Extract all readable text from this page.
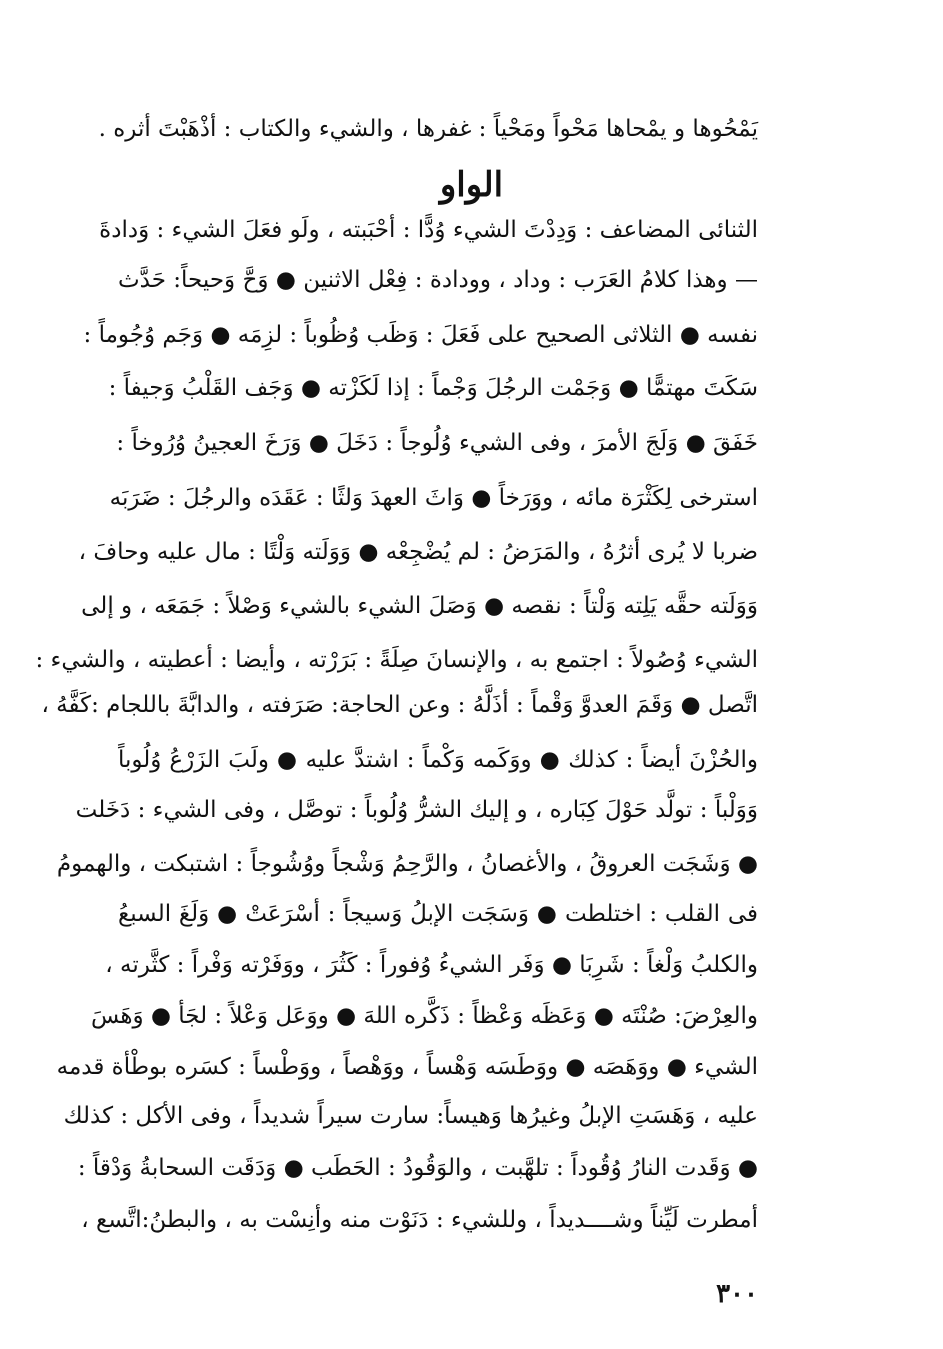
يَمْحُوها و يمْحاها مَحْواً ومَحْياً : غفرها ، والشيء والكتاب : أذْهَبْتَ أثره .
الواو
الثنائى المضاعف : وَدِدْتَ الشيء وُدًّا : أحْبَبته ، ولَو فعَلَ الشيء : وَدادةَ
— وهذا كلامُ العَرَب : وداد ، وودادة : فِعْل الاثنين ● وَحَّ وَحيحاً: حَدَّث
نفسه ● الثلاثى الصحيح على فَعَلَ : وَظَب وُظُوباً : لزِمَه ● وَجَم وُجُوماً :
سَكَتَ مهتمًّا ● وَجَمْت الرجُلَ وَجْماً : إذا لَكَزْته ● وَجَف القَلْبُ وَجيفاً :
خَفَقَ ● وَلَجَ الأمرَ ، وفى الشيء وُلُوجاً : دَخَلَ ● وَرَخَ العجينُ وُرُوخاً :
استرخى لِكَثْرَة مائه ، ووَرَخاً ● وَاثَ العهدَ وَلثًا : عَقَدَه والرجُلَ : ضَرَبَه
ضربا لا يُرى أثرُهُ ، والمَرَضُ : لم يُضْجِعْه ● وَوَلَته وَلْتًا : مال عليه وحافَ ،
وَوَلَته حقَّه يَلِته وَلْتاً : نقصه ● وَصَلَ الشيء بالشيء وَصْلاً : جَمَعَه ، و إلى
الشيء وُصُولاً : اجتمع به ، والإنسانَ صِلَةً : بَرَرْته ، وأيضا : أعطيته ، والشيء :
اتَّصل ● وَقَمَ العدوَّ وَقْماً : أذَلَّهُ : وعن الحاجة: صَرَفته ، والدابَّةَ باللجام :كَفَّهُ ،
والحُزْنَ أيضاً : كذلك ● ووَكَمه وَكْماً : اشتدَّ عليه ● ولَبَ الزَرْعُ وُلُوباً
وَوَلْباً : تولَّد حَوْلَ كِبَاره ، و إليك الشرُّ وُلُوباً : توصَّل ، وفى الشيء : دَخَلت
● وَشَجَت العروقُ ، والأغصانُ ، والرَّحِمُ وَشْجاً ووُشُوجاً : اشتبكت ، والهمومُ
فى القلب : اختلطت ● وَسَجَت الإبلُ وَسيجاً : أسْرَعَتْ ● وَلَغَ السبعُ
والكلبُ وَلْغاً : شَرِبَا ● وَفَر الشيءُ وُفوراً : كَثُرَ ، ووَفَرْته وَفْراً : كثَّرته ،
والعِرْضَ: صُنْتَه ● وَعَظَه وَعْظاً : ذَكَّره اللهَ ● ووَعَل وَعْلاً : لجَأ ● وَهَسَ
الشيء ● ووَهَصَه ● ووَطَسَه وَهْساً ، ووَهْصاً ، ووَطْساً : كسَره بوطْأة قدمه
عليه ، وَهَسَتِ الإبلُ وغيرُها وَهيساً: سارت سيراً شديداً ، وفى الأكل : كذلك
● وَقَدت النارُ وُقُوداً : تلهَّبت ، والوَقُودُ : الحَطَب ● وَدَقَت السحابةُ وَدْقاً :
أمطرت لَيِّناً وشــــديداً ، وللشيء : دَنَوْت منه وأنِسْت به ، والبطنُ:اتَّسع ،
٣٠٠
